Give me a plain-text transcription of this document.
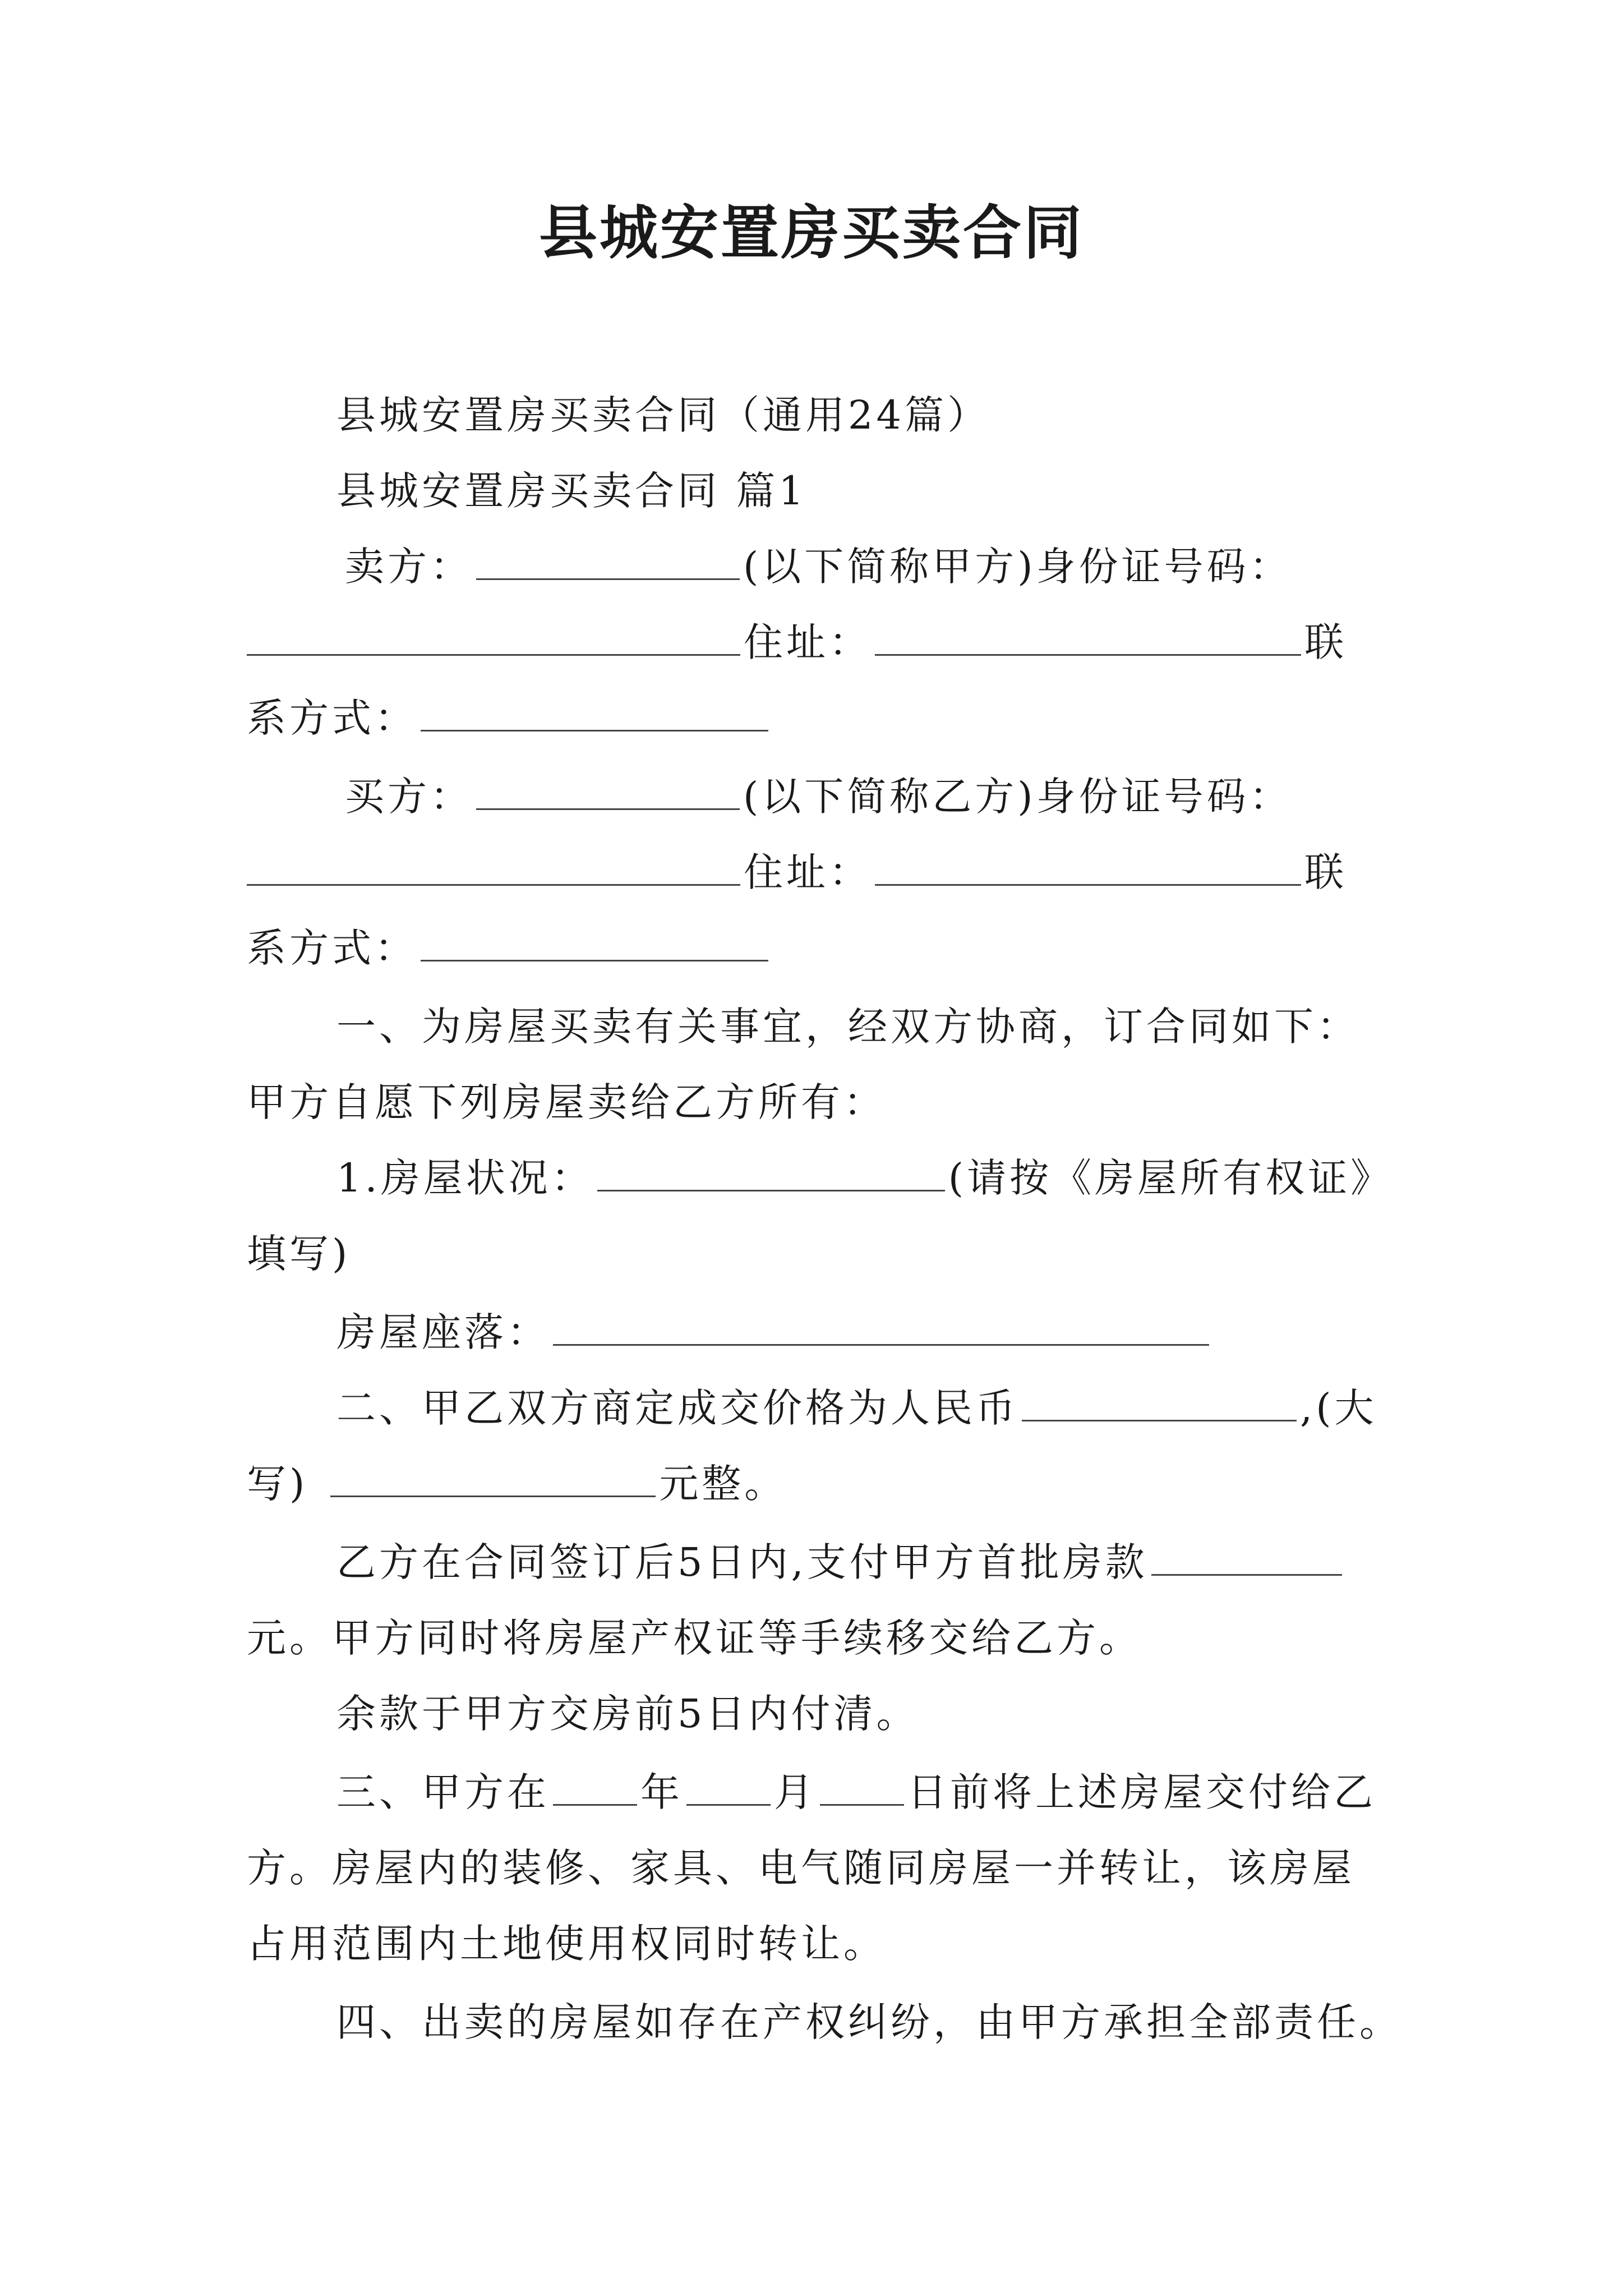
县城安置房买卖合同
县城安置房买卖合同（通用24篇）
县城安置房买卖合同 篇1
卖方：	(以下简称甲方)身份证号码：
住址：	联
系方式：
买方：	(以下简称乙方)身份证号码：
住址：	联
系方式：
一、为房屋买卖有关事宜，经双方协商，订合同如下：
甲方自愿下列房屋卖给乙方所有：
1.房屋状况：	(请按《房屋所有权证》
填写)
房屋座落：
二、甲乙双方商定成交价格为人民币	,(大
写)	元整。
乙方在合同签订后5日内,支付甲方首批房款
元。甲方同时将房屋产权证等手续移交给乙方。
余款于甲方交房前5日内付清。
三、甲方在 年 月 日前将上述房屋交付给乙
方。房屋内的装修、家具、电气随同房屋一并转让，该房屋
占用范围内土地使用权同时转让。
四、出卖的房屋如存在产权纠纷，由甲方承担全部责任。
